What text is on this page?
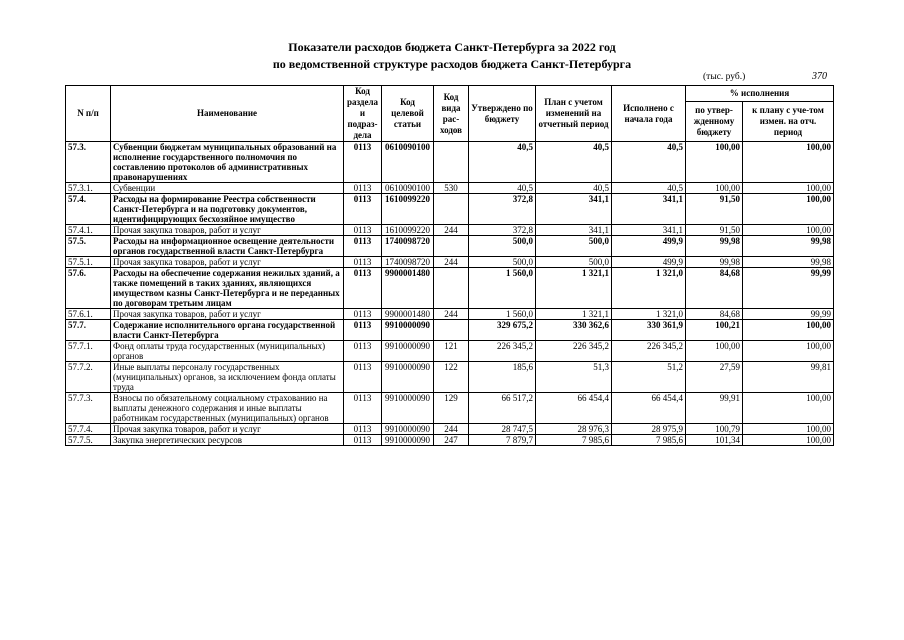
Показатели расходов бюджета Санкт-Петербурга за 2022 год
по ведомственной структуре расходов бюджета Санкт-Петербурга
(тыс. руб.)	370
N п/п	Наименование	Код раздела и подраз-дела	Код целевой статьи	Код вида рас-ходов	Утверждено по бюджету	План с учетом изменений на отчетный период	Исполнено с начала года	% исполнения	
								по утвер-жденному бюджету	к плану с уче-том измен. на отч. период
57.3.	Субвенции бюджетам муниципальных образований на исполнение государственного полномочия по составлению протоколов об административных правонарушениях	0113	0610090100		40,5	40,5	40,5	100,00	100,00
57.3.1.	Субвенции	0113	0610090100	530	40,5	40,5	40,5	100,00	100,00
57.4.	Расходы на формирование Реестра собственности Санкт-Петербурга и на подготовку документов, идентифицирующих бесхозяйное имущество	0113	1610099220		372,8	341,1	341,1	91,50	100,00
57.4.1.	Прочая закупка товаров, работ и услуг	0113	1610099220	244	372,8	341,1	341,1	91,50	100,00
57.5.	Расходы на информационное освещение деятельности органов государственной власти Санкт-Петербурга	0113	1740098720		500,0	500,0	499,9	99,98	99,98
57.5.1.	Прочая закупка товаров, работ и услуг	0113	1740098720	244	500,0	500,0	499,9	99,98	99,98
57.6.	Расходы на обеспечение содержания нежилых зданий, а также помещений в таких зданиях, являющихся имуществом казны Санкт-Петербурга и не переданных по договорам третьим лицам	0113	9900001480		1 560,0	1 321,1	1 321,0	84,68	99,99
57.6.1.	Прочая закупка товаров, работ и услуг	0113	9900001480	244	1 560,0	1 321,1	1 321,0	84,68	99,99
57.7.	Содержание исполнительного органа государственной власти Санкт-Петербурга	0113	9910000090		329 675,2	330 362,6	330 361,9	100,21	100,00
57.7.1.	Фонд оплаты труда государственных (муниципальных) органов	0113	9910000090	121	226 345,2	226 345,2	226 345,2	100,00	100,00
57.7.2.	Иные выплаты персоналу государственных (муниципальных) органов, за исключением фонда оплаты труда	0113	9910000090	122	185,6	51,3	51,2	27,59	99,81
57.7.3.	Взносы по обязательному социальному страхованию на выплаты денежного содержания и иные выплаты работникам государственных (муниципальных) органов	0113	9910000090	129	66 517,2	66 454,4	66 454,4	99,91	100,00
57.7.4.	Прочая закупка товаров, работ и услуг	0113	9910000090	244	28 747,5	28 976,3	28 975,9	100,79	100,00
57.7.5.	Закупка энергетических ресурсов	0113	9910000090	247	7 879,7	7 985,6	7 985,6	101,34	100,00
